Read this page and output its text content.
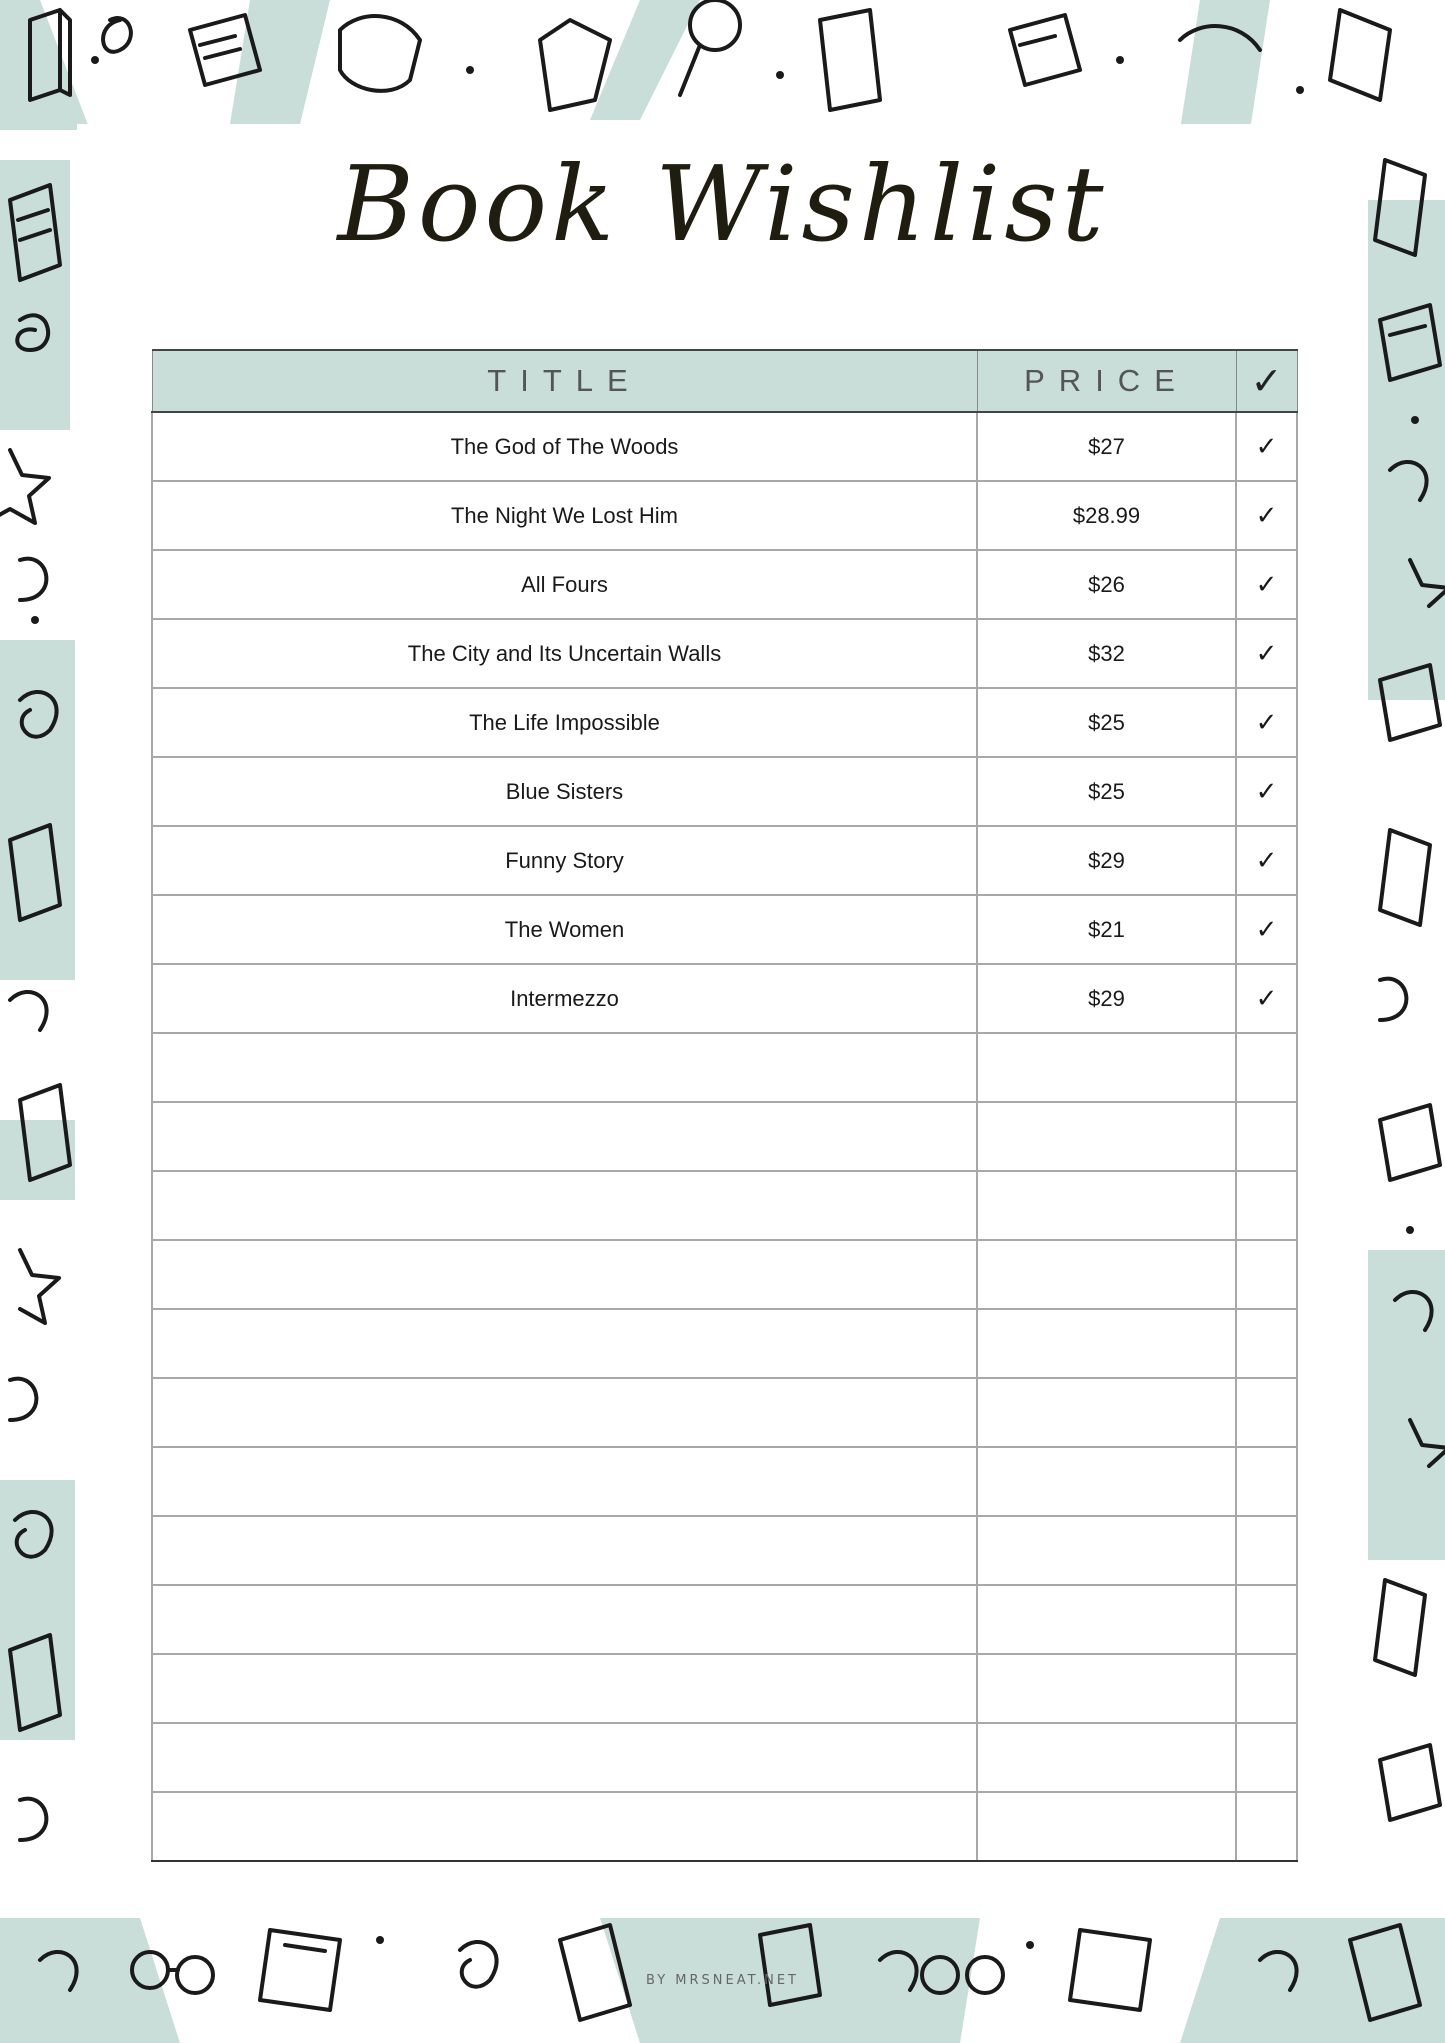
Book Wishlist
TITLE	PRICE	✓
The God of The Woods	$27	✓
The Night We Lost Him	$28.99	✓
All Fours	$26	✓
The City and Its Uncertain Walls	$32	✓
The Life Impossible	$25	✓
Blue Sisters	$25	✓
Funny Story	$29	✓
The Women	$21	✓
Intermezzo	$29	✓

BY MRSNEAT.NET
